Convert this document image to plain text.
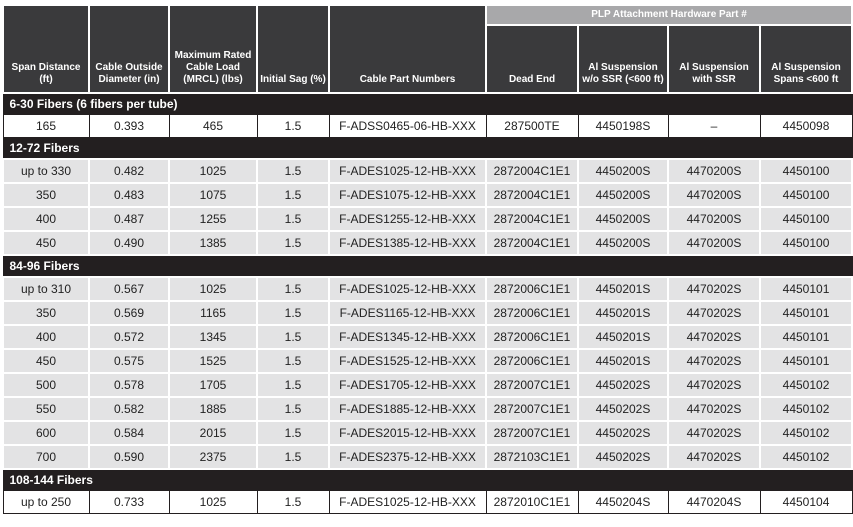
Span Distance (ft)	Cable Outside Diameter (in)	Maximum Rated Cable Load (MRCL) (lbs)	Initial Sag (%)	Cable Part Numbers	PLP Attachment Hardware Part #			
					Dead End	Al Suspension w/o SSR (<600 ft)	Al Suspension with SSR	Al Suspension Spans <600 ft
6-30 Fibers (6 fibers per tube)								
165	0.393	465	1.5	F-ADSS0465-06-HB-XXX	287500TE	4450198S	–	4450098
12-72 Fibers								
up to 330	0.482	1025	1.5	F-ADES1025-12-HB-XXX	2872004C1E1	4450200S	4470200S	4450100
350	0.483	1075	1.5	F-ADES1075-12-HB-XXX	2872004C1E1	4450200S	4470200S	4450100
400	0.487	1255	1.5	F-ADES1255-12-HB-XXX	2872004C1E1	4450200S	4470200S	4450100
450	0.490	1385	1.5	F-ADES1385-12-HB-XXX	2872004C1E1	4450200S	4470200S	4450100
84-96 Fibers								
up to 310	0.567	1025	1.5	F-ADES1025-12-HB-XXX	2872006C1E1	4450201S	4470202S	4450101
350	0.569	1165	1.5	F-ADES1165-12-HB-XXX	2872006C1E1	4450201S	4470202S	4450101
400	0.572	1345	1.5	F-ADES1345-12-HB-XXX	2872006C1E1	4450201S	4470202S	4450101
450	0.575	1525	1.5	F-ADES1525-12-HB-XXX	2872006C1E1	4450201S	4470202S	4450101
500	0.578	1705	1.5	F-ADES1705-12-HB-XXX	2872007C1E1	4450202S	4470202S	4450102
550	0.582	1885	1.5	F-ADES1885-12-HB-XXX	2872007C1E1	4450202S	4470202S	4450102
600	0.584	2015	1.5	F-ADES2015-12-HB-XXX	2872007C1E1	4450202S	4470202S	4450102
700	0.590	2375	1.5	F-ADES2375-12-HB-XXX	2872103C1E1	4450202S	4470202S	4450102
108-144 Fibers								
up to 250	0.733	1025	1.5	F-ADES1025-12-HB-XXX	2872010C1E1	4450204S	4470204S	4450104
